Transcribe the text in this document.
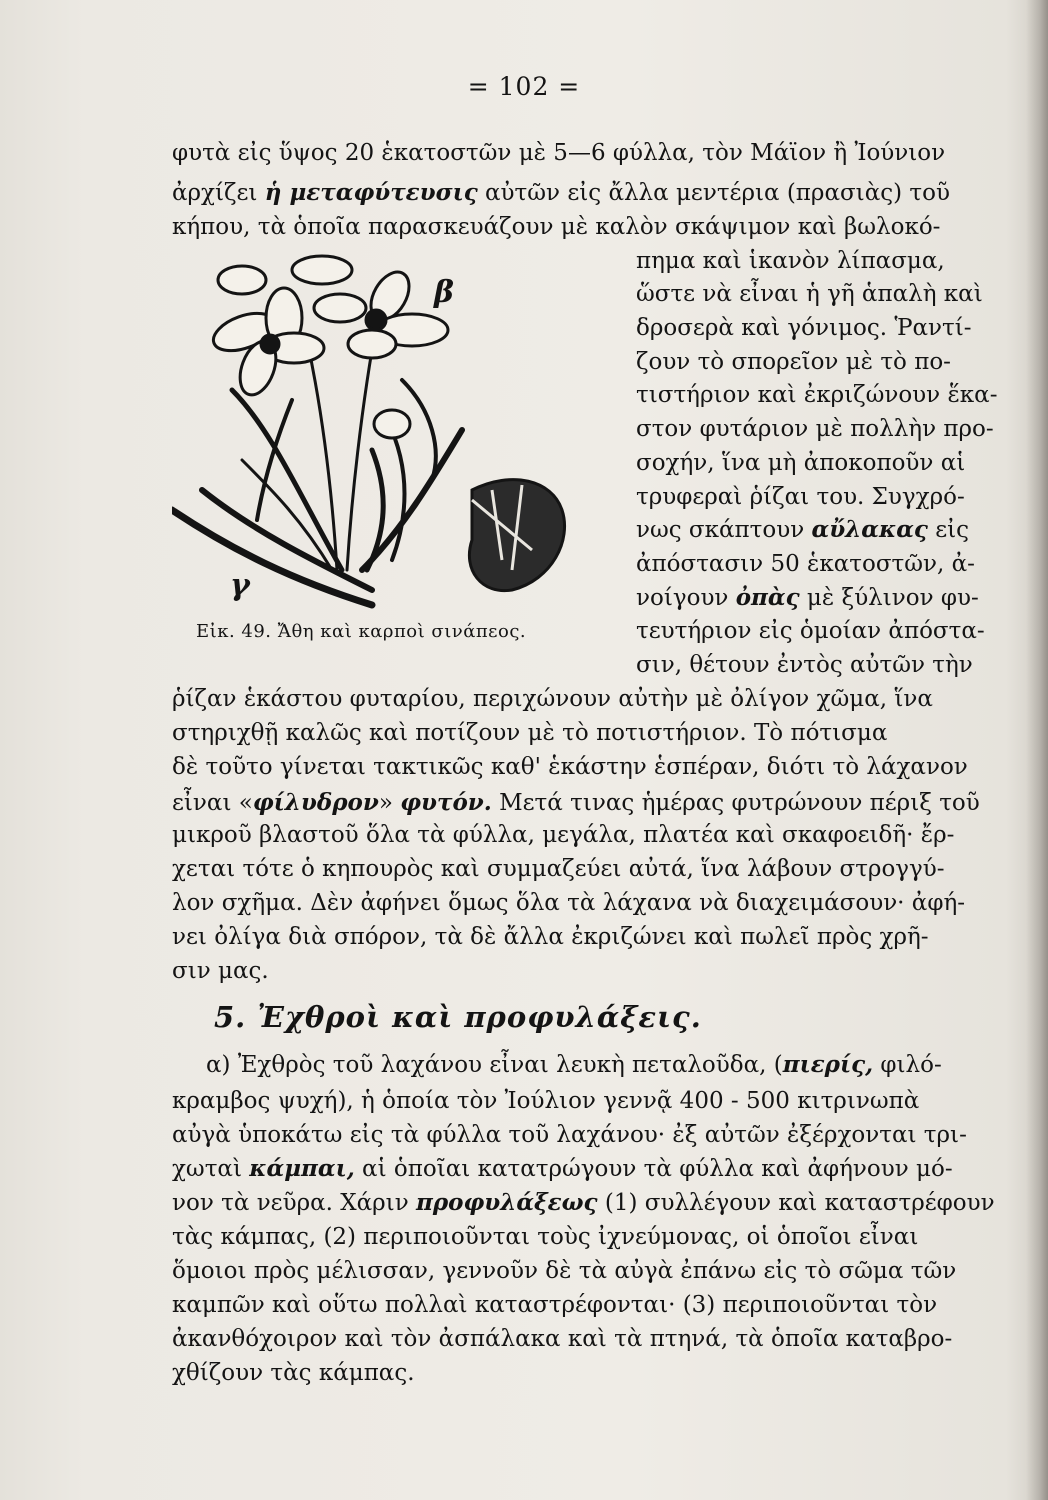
= 102 =
φυτὰ εἰς ὕψος 20 ἑκατοστῶν μὲ 5—6 φύλλα, τὸν Μάϊον ἢ Ἰούνιον
ἀρχίζει ἡ μεταφύτευσις αὐτῶν εἰς ἄλλα μεντέρια (πρασιὰς) τοῦ
κήπου, τὰ ὁποῖα παρασκευάζουν μὲ καλὸν σκάψιμον καὶ βωλοκό-
πημα καὶ ἱκανὸν λίπασμα,
ὥστε νὰ εἶναι ἡ γῆ ἁπαλὴ καὶ
δροσερὰ καὶ γόνιμος. Ῥαντί-
ζουν τὸ σπορεῖον μὲ τὸ πο-
τιστήριον καὶ ἐκριζώνουν ἕκα-
στον φυτάριον μὲ πολλὴν προ-
σοχήν, ἵνα μὴ ἀποκοποῦν αἱ
τρυφεραὶ ῥίζαι του. Συγχρό-
νως σκάπτουν αὔλακας εἰς
ἀπόστασιν 50 ἑκατοστῶν, ἀ-
νοίγουν ὀπὰς μὲ ξύλινον φυ-
τευτήριον εἰς ὁμοίαν ἀπόστα-
σιν, θέτουν ἐντὸς αὐτῶν τὴν
β
γ
Εἰκ. 49. Ἄθη καὶ καρποὶ σινάπεος.
ῥίζαν ἑκάστου φυταρίου, περιχώνουν αὐτὴν μὲ ὀλίγον χῶμα, ἵνα
στηριχθῇ καλῶς καὶ ποτίζουν μὲ τὸ ποτιστήριον. Τὸ πότισμα
δὲ τοῦτο γίνεται τακτικῶς καθ' ἑκάστην ἑσπέραν, διότι τὸ λάχανον
εἶναι «φίλυδρον» φυτόν. Μετά τινας ἡμέρας φυτρώνουν πέριξ τοῦ
μικροῦ βλαστοῦ ὅλα τὰ φύλλα, μεγάλα, πλατέα καὶ σκαφοειδῆ· ἔρ-
χεται τότε ὁ κηπουρὸς καὶ συμμαζεύει αὐτά, ἵνα λάβουν στρογγύ-
λον σχῆμα. Δὲν ἀφήνει ὅμως ὅλα τὰ λάχανα νὰ διαχειμάσουν· ἀφή-
νει ὀλίγα διὰ σπόρον, τὰ δὲ ἄλλα ἐκριζώνει καὶ πωλεῖ πρὸς χρῆ-
σιν μας.
5. Ἐχθροὶ καὶ προφυλάξεις.
α) Ἐχθρὸς τοῦ λαχάνου εἶναι λευκὴ πεταλοῦδα, (πιερίς, φιλό-
κραμβος ψυχή), ἡ ὁποία τὸν Ἰούλιον γεννᾷ 400 - 500 κιτρινωπὰ
αὐγὰ ὑποκάτω εἰς τὰ φύλλα τοῦ λαχάνου· ἐξ αὐτῶν ἐξέρχονται τρι-
χωταὶ κάμπαι, αἱ ὁποῖαι κατατρώγουν τὰ φύλλα καὶ ἀφήνουν μό-
νον τὰ νεῦρα. Χάριν προφυλάξεως (1) συλλέγουν καὶ καταστρέφουν
τὰς κάμπας, (2) περιποιοῦνται τοὺς ἰχνεύμονας, οἱ ὁποῖοι εἶναι
ὅμοιοι πρὸς μέλισσαν, γεννοῦν δὲ τὰ αὐγὰ ἐπάνω εἰς τὸ σῶμα τῶν
καμπῶν καὶ οὕτω πολλαὶ καταστρέφονται· (3) περιποιοῦνται τὸν
ἀκανθόχοιρον καὶ τὸν ἀσπάλακα καὶ τὰ πτηνά, τὰ ὁποῖα καταβρο-
χθίζουν τὰς κάμπας.
